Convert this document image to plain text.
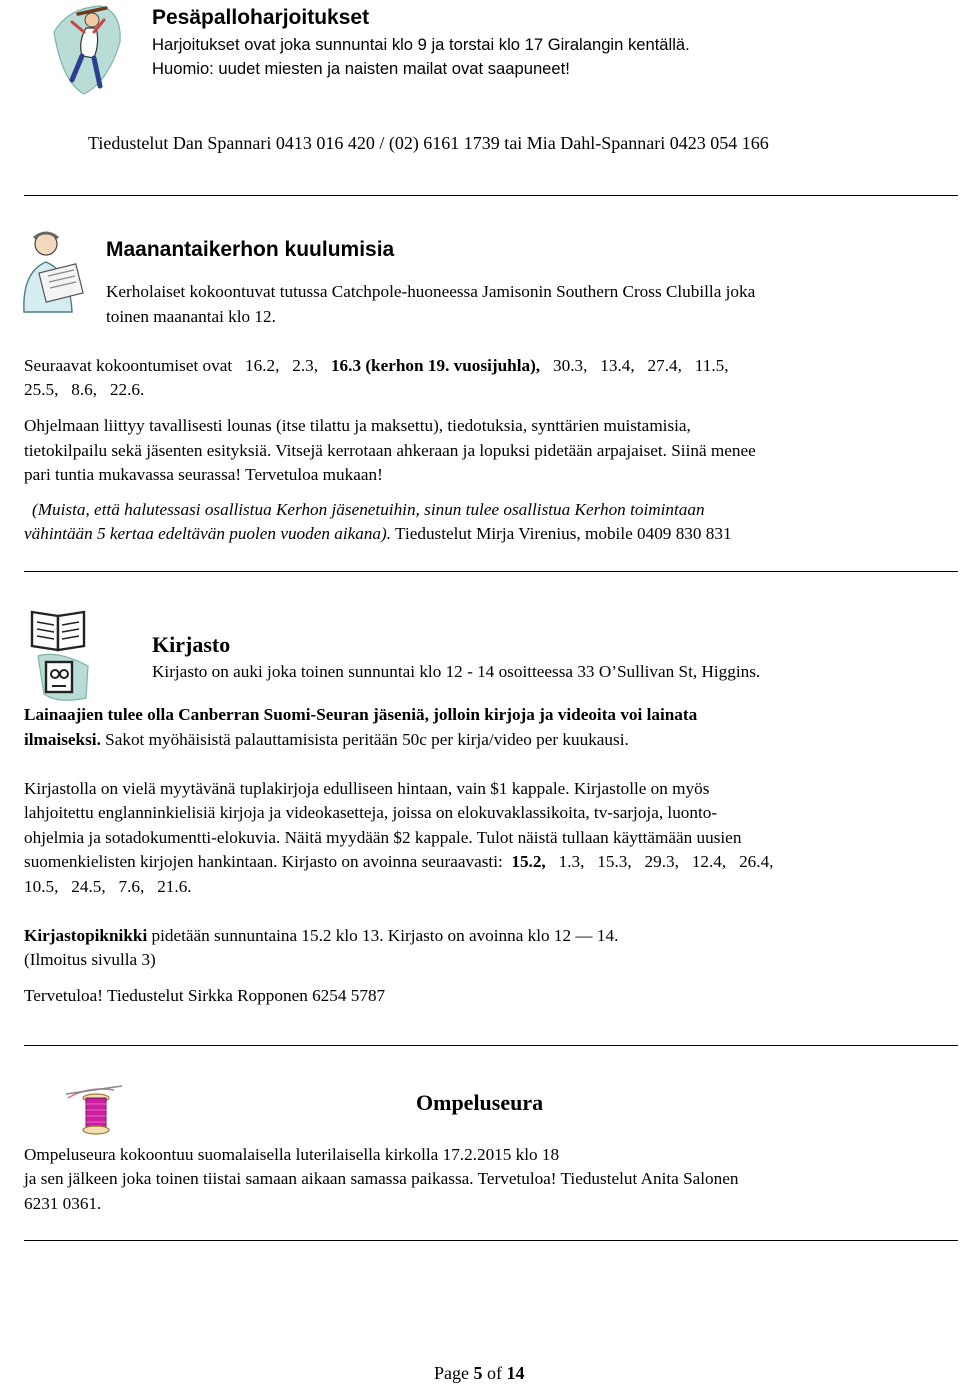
Pesäpalloharjoitukset
Harjoitukset ovat joka sunnuntai klo 9 ja torstai klo 17 Giralangin kentällä.
Huomio: uudet miesten ja naisten mailat ovat saapuneet!
Tiedustelut Dan Spannari 0413 016 420 / (02) 6161 1739 tai Mia Dahl-Spannari 0423 054 166
Maanantaikerhon kuulumisia
Kerholaiset kokoontuvat tutussa Catchpole-huoneessa Jamisonin Southern Cross Clubilla joka
toinen maanantai klo 12.
Seuraavat kokoontumiset ovat   16.2,   2.3,   16.3 (kerhon 19. vuosijuhla),   30.3,   13.4,   27.4,   11.5,
25.5,   8.6,   22.6.
Ohjelmaan liittyy tavallisesti lounas (itse tilattu ja maksettu), tiedotuksia, synttärien muistamisia,
tietokilpailu sekä jäsenten esityksiä. Vitsejä kerrotaan ahkeraan ja lopuksi pidetään arpajaiset. Siinä menee
pari tuntia mukavassa seurassa! Tervetuloa mukaan!
(Muista, että halutessasi osallistua Kerhon jäsenetuihin, sinun tulee osallistua Kerhon toimintaan
vähintään 5 kertaa edeltävän puolen vuoden aikana). Tiedustelut Mirja Virenius, mobile 0409 830 831
Kirjasto
Kirjasto on auki joka toinen sunnuntai klo 12 - 14 osoitteessa 33 O’Sullivan St, Higgins.
Lainaajien tulee olla Canberran Suomi-Seuran jäseniä, jolloin kirjoja ja videoita voi lainata
ilmaiseksi. Sakot myöhäisistä palauttamisista peritään 50c per kirja/video per kuukausi.
Kirjastolla on vielä myytävänä tuplakirjoja edulliseen hintaan, vain $1 kappale. Kirjastolle on myös
lahjoitettu englanninkielisiä kirjoja ja videokasetteja, joissa on elokuvaklassikoita, tv-sarjoja, luonto-
ohjelmia ja sotadokumentti-elokuvia. Näitä myydään $2 kappale. Tulot näistä tullaan käyttämään uusien
suomenkielisten kirjojen hankintaan. Kirjasto on avoinna seuraavasti:  15.2,   1.3,   15.3,   29.3,   12.4,   26.4,
10.5,   24.5,   7.6,   21.6.
Kirjastopiknikki pidetään sunnuntaina 15.2 klo 13. Kirjasto on avoinna klo 12 — 14.
(Ilmoitus sivulla 3)
Tervetuloa! Tiedustelut Sirkka Ropponen 6254 5787
Ompeluseura
Ompeluseura kokoontuu suomalaisella luterilaisella kirkolla 17.2.2015 klo 18
ja sen jälkeen joka toinen tiistai samaan aikaan samassa paikassa. Tervetuloa! Tiedustelut Anita Salonen
6231 0361.
Page 5 of 14
